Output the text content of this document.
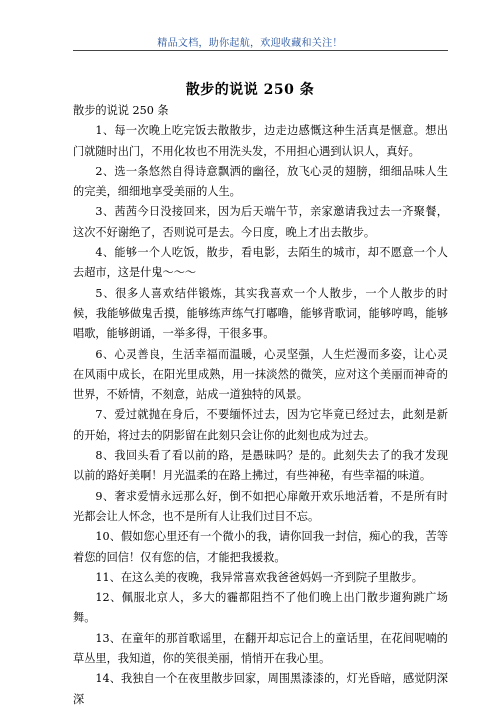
精品文档，助你起航，欢迎收藏和关注！
散步的说说 250 条

散步的说说 250 条

1、每一次晚上吃完饭去散散步，边走边感慨这种生活真是惬意。想出门就随时出门，不用化妆也不用洗头发，不用担心遇到认识人，真好。

2、选一条悠然自得诗意飘洒的幽径，放飞心灵的翅膀，细细品味人生的完美，细细地享受美丽的人生。

3、茜茜今日没接回来，因为后天端午节，亲家邀请我过去一齐聚餐，这次不好谢绝了，否则说可是去。今日度，晚上才出去散步。

4、能够一个人吃饭，散步，看电影，去陌生的城市，却不愿意一个人去超市，这是什鬼～～～

5、很多人喜欢结伴锻炼，其实我喜欢一个人散步，一个人散步的时候，我能够做鬼舌摸，能够练声练气打嘟噜，能够背歌词，能够哼鸣，能够唱歌，能够朗诵，一举多得，干很多事。

6、心灵善良，生活幸福而温暖，心灵坚强，人生烂漫而多姿，让心灵在风雨中成长，在阳光里成熟，用一抹淡然的微笑，应对这个美丽而神奇的世界，不娇情，不刻意，站成一道独特的风景。

7、爱过就抛在身后，不要缅怀过去，因为它毕竟已经过去，此刻是新的开始，将过去的阴影留在此刻只会让你的此刻也成为过去。

8、我回头看了看以前的路，是愚昧吗？是的。此刻失去了的我才发现以前的路好美啊！月光温柔的在路上拂过，有些神秘，有些幸福的味道。

9、奢求爱情永远那么好，倒不如把心扉敞开欢乐地活着，不是所有时光都会让人怀念，也不是所有人让我们过目不忘。

10、假如您心里还有一个微小的我，请你回我一封信，痴心的我，苦等着您的回信！仅有您的信，才能把我援救。

11、在这么美的夜晚，我异常喜欢我爸爸妈妈一齐到院子里散步。

12、佩服北京人，多大的霾都阻挡不了他们晚上出门散步遛狗跳广场舞。

13、在童年的那首歌谣里，在翻开却忘记合上的童话里，在花间呢喃的草丛里，我知道，你的笑很美丽，悄悄开在我心里。

14、我独自一个在夜里散步回家，周围黑漆漆的，灯光昏暗，感觉阴深深
